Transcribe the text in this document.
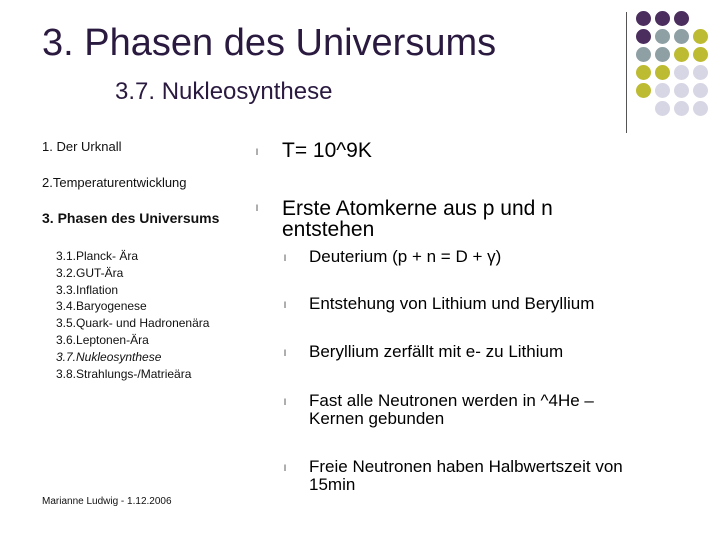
3. Phasen des Universums
3.7. Nukleosynthese
1. Der Urknall
2.Temperaturentwicklung
3. Phasen des Universums
3.1.Planck- Ära
3.2.GUT-Ära
3.3.Inflation
3.4.Baryogenese
3.5.Quark- und Hadronenära
3.6.Leptonen-Ära
3.7.Nukleosynthese
3.8.Strahlungs-/Matrieära
Marianne Ludwig - 1.12.2006
l T= 10^9K
l Erste Atomkerne aus p und n
entstehen
l Deuterium (p + n = D + γ)
l Entstehung von Lithium und Beryllium
l Beryllium zerfällt mit e- zu Lithium
l Fast alle Neutronen werden in ^4He –
Kernen gebunden
l Freie Neutronen haben Halbwertszeit von
15min
